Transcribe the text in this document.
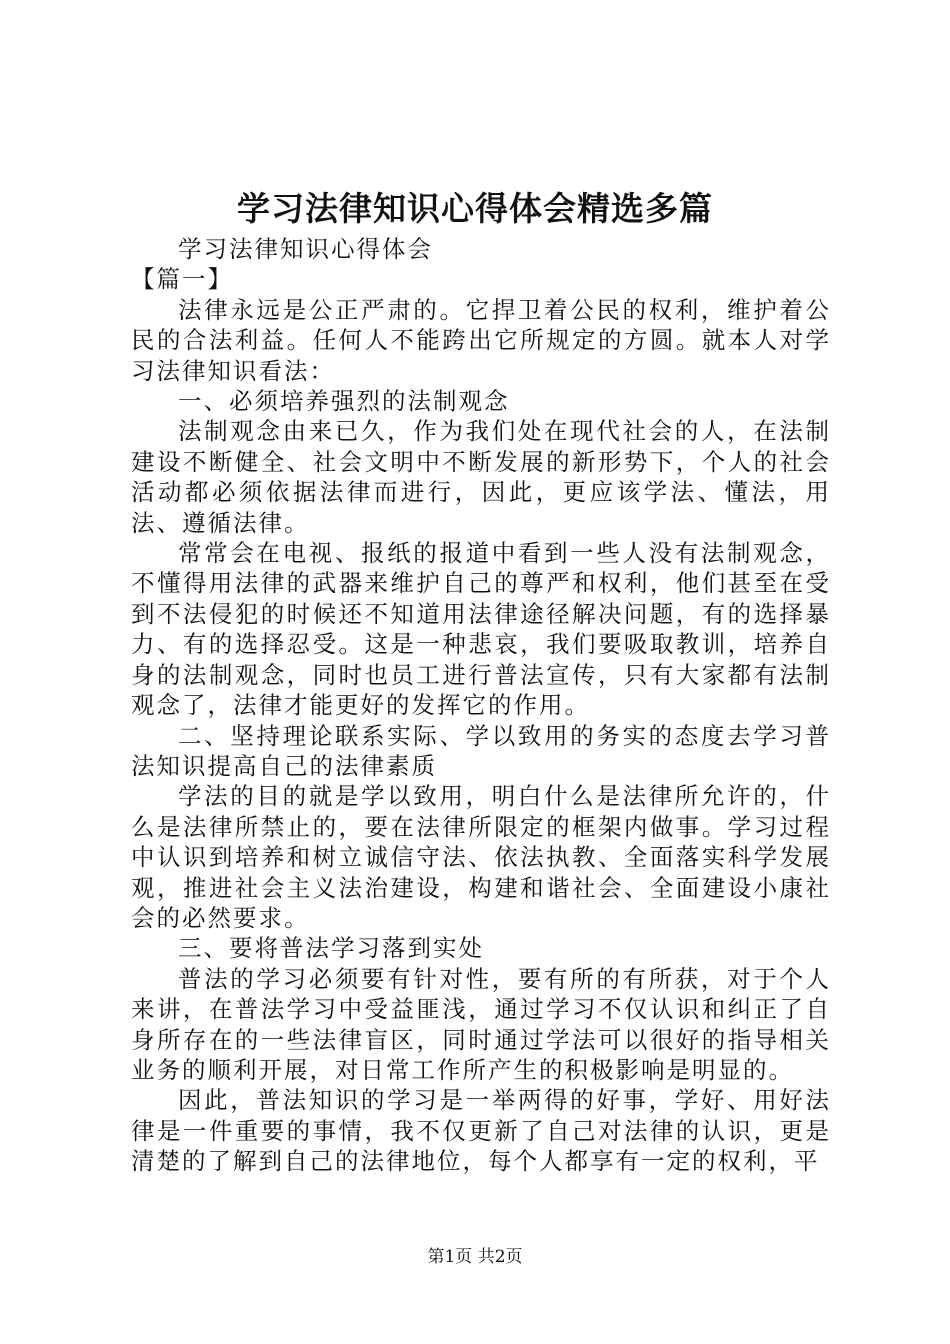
学习法律知识心得体会精选多篇

学习法律知识心得体会

【篇一】

法律永远是公正严肃的。它捍卫着公民的权利，维护着公民的合法利益。任何人不能跨出它所规定的方圆。就本人对学习法律知识看法：

一、必须培养强烈的法制观念

法制观念由来已久，作为我们处在现代社会的人，在法制建设不断健全、社会文明中不断发展的新形势下，个人的社会活动都必须依据法律而进行，因此，更应该学法、懂法，用法、遵循法律。

常常会在电视、报纸的报道中看到一些人没有法制观念，不懂得用法律的武器来维护自己的尊严和权利，他们甚至在受到不法侵犯的时候还不知道用法律途径解决问题，有的选择暴力、有的选择忍受。这是一种悲哀，我们要吸取教训，培养自身的法制观念，同时也员工进行普法宣传，只有大家都有法制观念了，法律才能更好的发挥它的作用。

二、坚持理论联系实际、学以致用的务实的态度去学习普法知识提高自己的法律素质

学法的目的就是学以致用，明白什么是法律所允许的，什么是法律所禁止的，要在法律所限定的框架内做事。学习过程中认识到培养和树立诚信守法、依法执教、全面落实科学发展观，推进社会主义法治建设，构建和谐社会、全面建设小康社会的必然要求。

三、要将普法学习落到实处

普法的学习必须要有针对性，要有所的有所获，对于个人来讲，在普法学习中受益匪浅，通过学习不仅认识和纠正了自身所存在的一些法律盲区，同时通过学法可以很好的指导相关业务的顺利开展，对日常工作所产生的积极影响是明显的。

因此，普法知识的学习是一举两得的好事，学好、用好法律是一件重要的事情，我不仅更新了自己对法律的认识，更是清楚的了解到自己的法律地位，每个人都享有一定的权利，平

第1页 共2页
